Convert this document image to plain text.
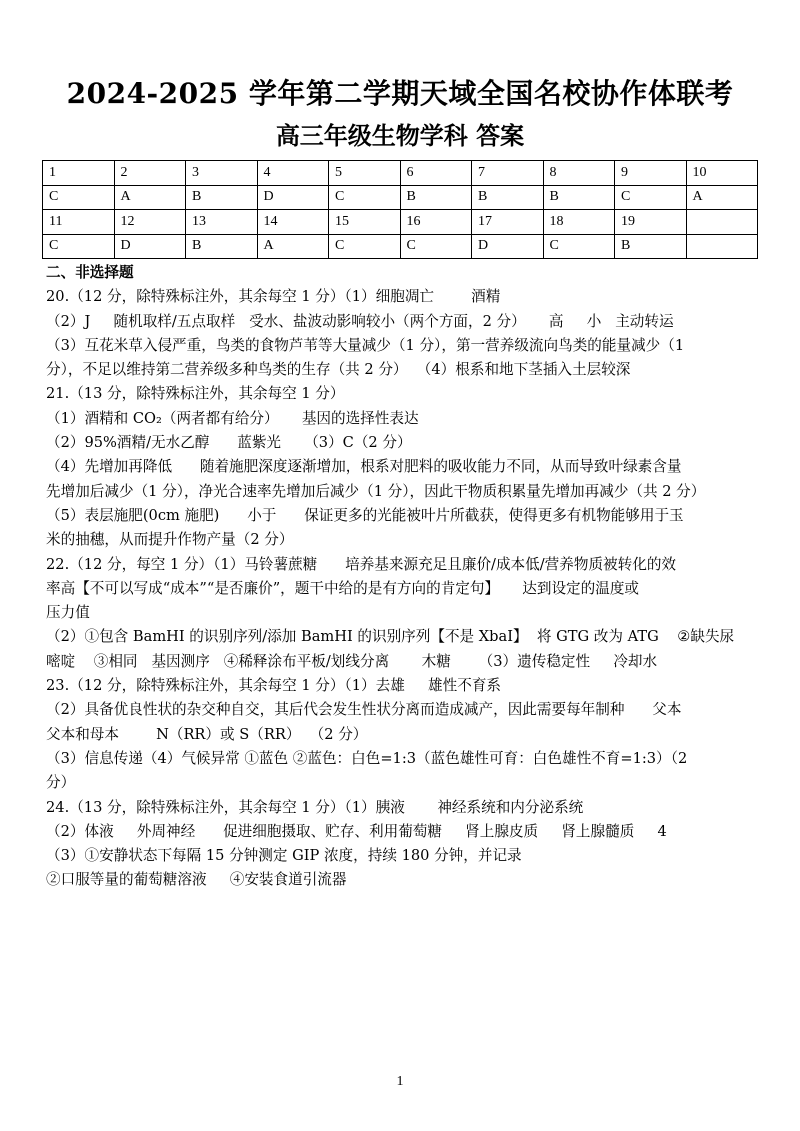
2024-2025 学年第二学期天域全国名校协作体联考
高三年级生物学科 答案
1	2	3	4	5	6	7	8	9	10
C	A	B	D	C	B	B	B	C	A
11	12	13	14	15	16	17	18	19	
C	D	B	A	C	C	D	C	B	
二、非选择题
20.（12 分，除特殊标注外，其余每空 1 分）（1）细胞凋亡        酒精
（2）J     随机取样/五点取样   受水、盐波动影响较小（两个方面，2 分）     高     小   主动转运
（3）互花米草入侵严重，鸟类的食物芦苇等大量减少（1 分），第一营养级流向鸟类的能量减少（1
分），不足以维持第二营养级多种鸟类的生存（共 2 分）  （4）根系和地下茎插入土层较深
21.（13 分，除特殊标注外，其余每空 1 分）
（1）酒精和 CO₂（两者都有给分）     基因的选择性表达
（2）95%酒精/无水乙醇      蓝紫光     （3）C（2 分）
（4）先增加再降低      随着施肥深度逐渐增加，根系对肥料的吸收能力不同，从而导致叶绿素含量
先增加后减少（1 分），净光合速率先增加后减少（1 分），因此干物质积累量先增加再减少（共 2 分）
（5）表层施肥(0cm 施肥)      小于      保证更多的光能被叶片所截获，使得更多有机物能够用于玉
米的抽穗，从而提升作物产量（2 分）
22.（12 分，每空 1 分）（1）马铃薯蔗糖      培养基来源充足且廉价/成本低/营养物质被转化的效
率高【不可以写成“成本”“是否廉价”，题干中给的是有方向的肯定句】     达到设定的温度或
压力值
（2）①包含 BamHI 的识别序列/添加 BamHI 的识别序列【不是 XbaI】  将 GTG 改为 ATG    ②缺失尿
嘧啶    ③相同   基因测序   ④稀释涂布平板/划线分离       木糖      （3）遗传稳定性     冷却水
23.（12 分，除特殊标注外，其余每空 1 分）（1）去雄     雄性不育系
（2）具备优良性状的杂交种自交，其后代会发生性状分离而造成减产，因此需要每年制种      父本
父本和母本        N（RR）或 S（RR）  （2 分）
（3）信息传递（4）气候异常 ①蓝色 ②蓝色：白色=1:3（蓝色雄性可育：白色雄性不育=1:3）（2
分）
24.（13 分，除特殊标注外，其余每空 1 分）（1）胰液       神经系统和内分泌系统
（2）体液     外周神经      促进细胞摄取、贮存、利用葡萄糖     肾上腺皮质     肾上腺髓质     4
（3）①安静状态下每隔 15 分钟测定 GIP 浓度，持续 180 分钟，并记录
②口服等量的葡萄糖溶液     ④安装食道引流器
1
